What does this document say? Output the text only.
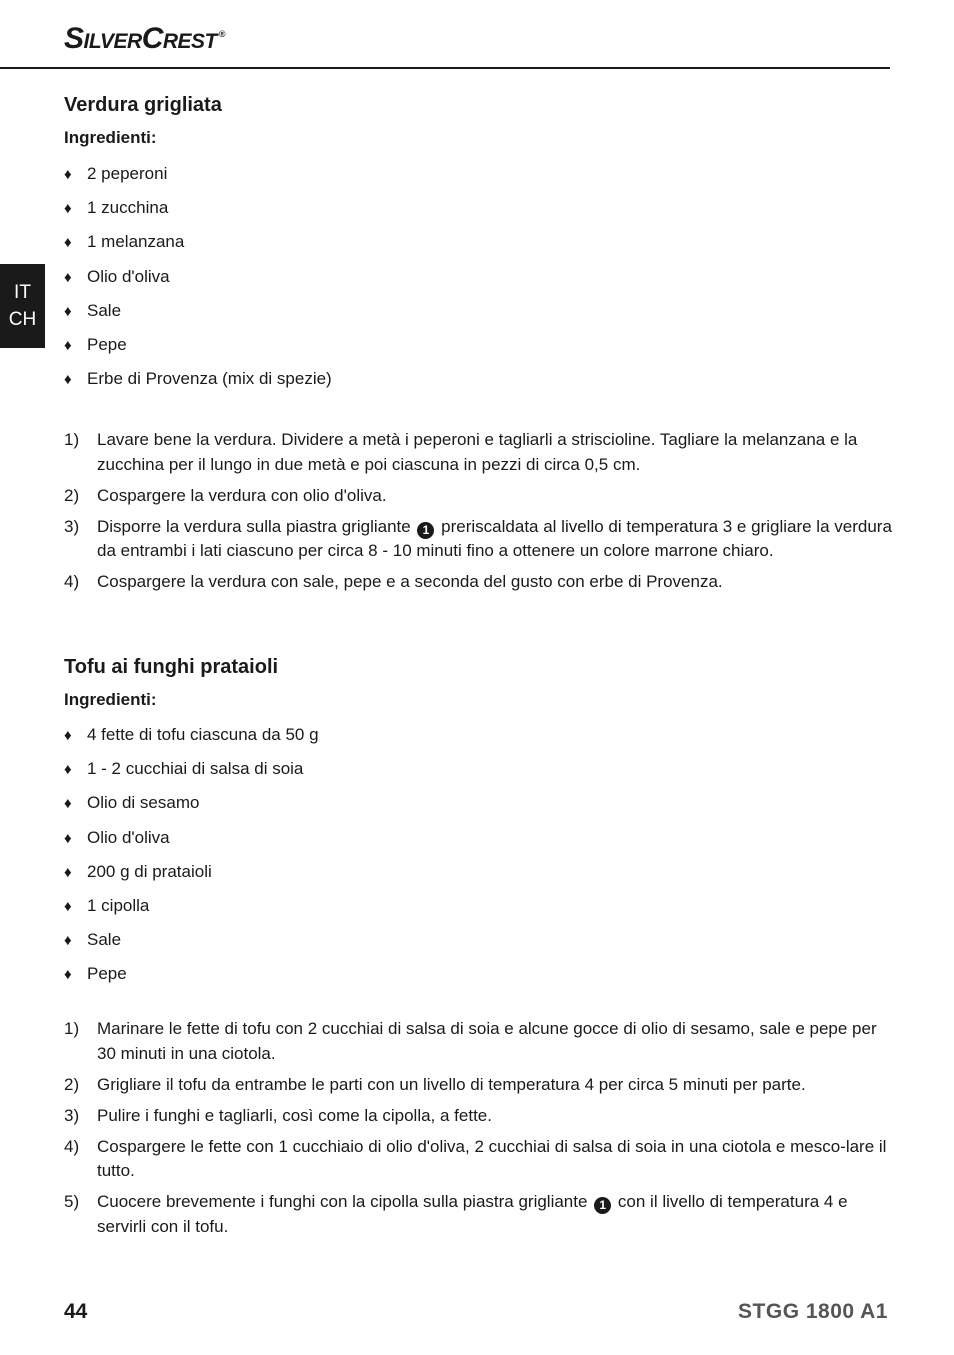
SilverCrest ®
IT
CH
Verdura grigliata
Ingredienti:
♦ 2 peperoni
♦ 1 zucchina
♦ 1 melanzana
♦ Olio d'oliva
♦ Sale
♦ Pepe
♦ Erbe di Provenza (mix di spezie)
1) Lavare bene la verdura. Dividere a metà i peperoni e tagliarli a striscioline. Tagliare la melanzana e la zucchina per il lungo in due metà e poi ciascuna in pezzi di circa 0,5 cm.
2) Cospargere la verdura con olio d'oliva.
3) Disporre la verdura sulla piastra grigliante 1 preriscaldata al livello di temperatura 3 e grigliare la verdura da entrambi i lati ciascuno per circa 8 - 10 minuti fino a ottenere un colore marrone chiaro.
4) Cospargere la verdura con sale, pepe e a seconda del gusto con erbe di Provenza.
Tofu ai funghi prataioli
Ingredienti:
♦ 4 fette di tofu ciascuna da 50 g
♦ 1 - 2 cucchiai di salsa di soia
♦ Olio di sesamo
♦ Olio d'oliva
♦ 200 g di prataioli
♦ 1 cipolla
♦ Sale
♦ Pepe
1) Marinare le fette di tofu con 2 cucchiai di salsa di soia e alcune gocce di olio di sesamo, sale e pepe per 30 minuti in una ciotola.
2) Grigliare il tofu da entrambe le parti con un livello di temperatura 4 per circa 5 minuti per parte.
3) Pulire i funghi e tagliarli, così come la cipolla, a fette.
4) Cospargere le fette con 1 cucchiaio di olio d'oliva, 2 cucchiai di salsa di soia in una ciotola e mesco-lare il tutto.
5) Cuocere brevemente i funghi con la cipolla sulla piastra grigliante 1 con il livello di temperatura 4 e servirli con il tofu.
44	STGG 1800 A1
